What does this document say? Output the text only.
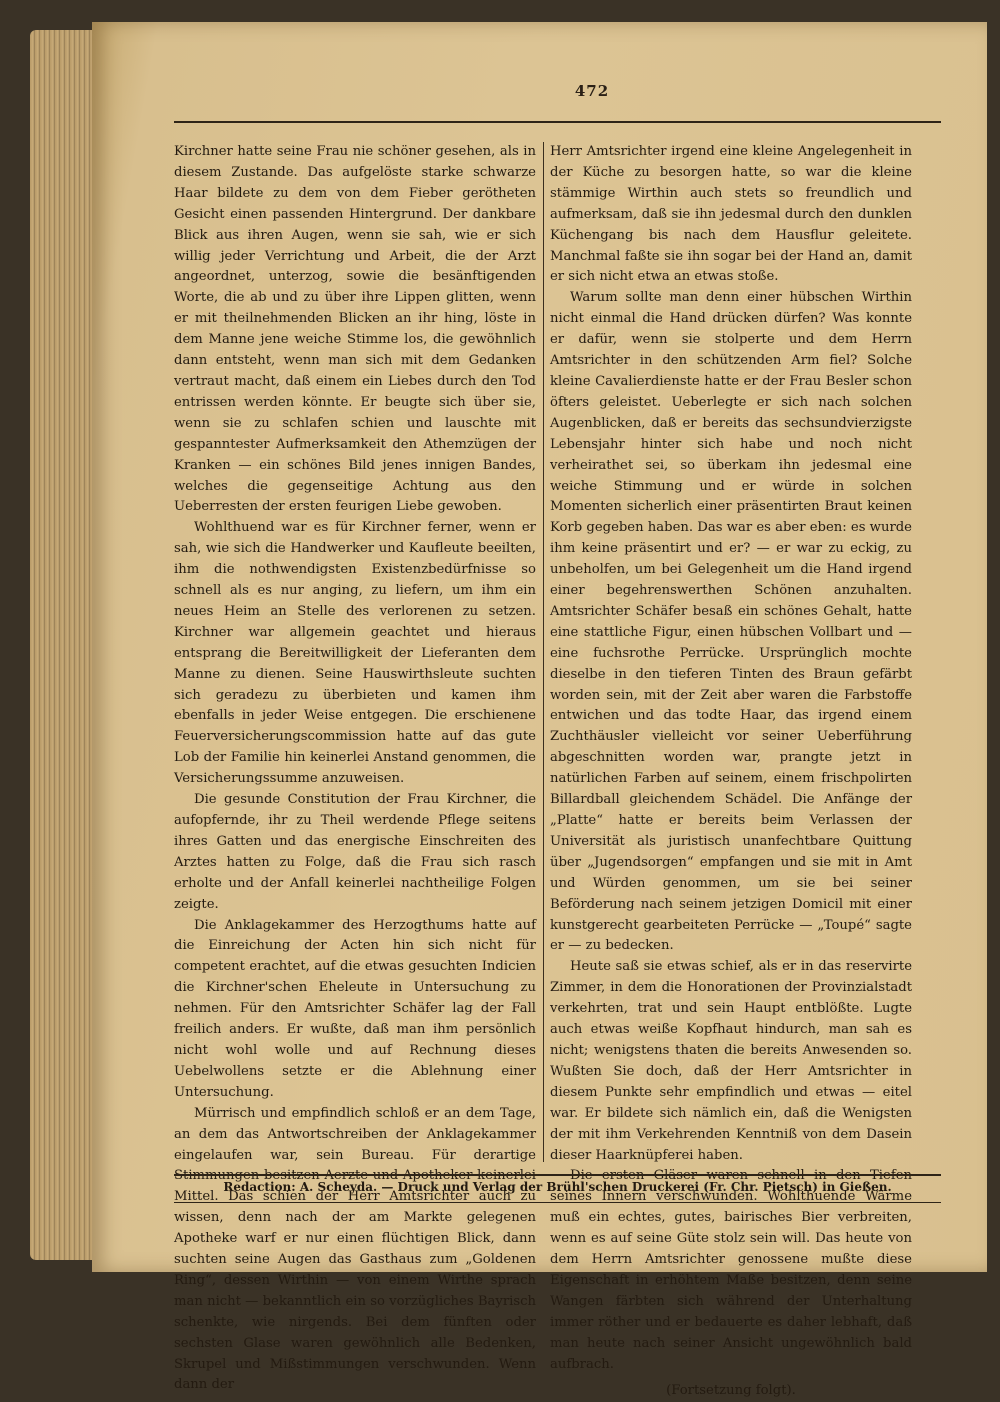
472

Kirchner hatte seine Frau nie schöner gesehen, als in diesem Zustande. Das aufgelöste starke schwarze Haar bildete zu dem von dem Fieber gerötheten Gesicht einen passenden Hintergrund. Der dankbare Blick aus ihren Augen, wenn sie sah, wie er sich willig jeder Verrichtung und Arbeit, die der Arzt angeordnet, unterzog, sowie die besänftigenden Worte, die ab und zu über ihre Lippen glitten, wenn er mit theilnehmenden Blicken an ihr hing, löste in dem Manne jene weiche Stimme los, die gewöhnlich dann entsteht, wenn man sich mit dem Gedanken vertraut macht, daß einem ein Liebes durch den Tod entrissen werden könnte. Er beugte sich über sie, wenn sie zu schlafen schien und lauschte mit gespanntester Aufmerksamkeit den Athemzügen der Kranken — ein schönes Bild jenes innigen Bandes, welches die gegenseitige Achtung aus den Ueberresten der ersten feurigen Liebe gewoben.

Wohlthuend war es für Kirchner ferner, wenn er sah, wie sich die Handwerker und Kaufleute beeilten, ihm die nothwendigsten Existenzbedürfnisse so schnell als es nur anging, zu liefern, um ihm ein neues Heim an Stelle des verlorenen zu setzen. Kirchner war allgemein geachtet und hieraus entsprang die Bereitwilligkeit der Lieferanten dem Manne zu dienen. Seine Hauswirthsleute suchten sich geradezu zu überbieten und kamen ihm ebenfalls in jeder Weise entgegen. Die erschienene Feuerversicherungscommission hatte auf das gute Lob der Familie hin keinerlei Anstand genommen, die Versicherungssumme anzuweisen.

Die gesunde Constitution der Frau Kirchner, die aufopfernde, ihr zu Theil werdende Pflege seitens ihres Gatten und das energische Einschreiten des Arztes hatten zu Folge, daß die Frau sich rasch erholte und der Anfall keinerlei nachtheilige Folgen zeigte.

Die Anklagekammer des Herzogthums hatte auf die Einreichung der Acten hin sich nicht für competent erachtet, auf die etwas gesuchten Indicien die Kirchner'schen Eheleute in Untersuchung zu nehmen. Für den Amtsrichter Schäfer lag der Fall freilich anders. Er wußte, daß man ihm persönlich nicht wohl wolle und auf Rechnung dieses Uebelwollens setzte er die Ablehnung einer Untersuchung.

Mürrisch und empfindlich schloß er an dem Tage, an dem das Antwortschreiben der Anklagekammer eingelaufen war, sein Bureau. Für derartige Stimmungen besitzen Aerzte und Apotheker keinerlei Mittel. Das schien der Herr Amtsrichter auch zu wissen, denn nach der am Markte gelegenen Apotheke warf er nur einen flüchtigen Blick, dann suchten seine Augen das Gasthaus zum „Goldenen Ring“, dessen Wirthin — von einem Wirthe sprach man nicht — bekanntlich ein so vorzügliches Bayrisch schenkte, wie nirgends. Bei dem fünften oder sechsten Glase waren gewöhnlich alle Bedenken, Skrupel und Mißstimmungen verschwunden. Wenn dann der

Herr Amtsrichter irgend eine kleine Angelegenheit in der Küche zu besorgen hatte, so war die kleine stämmige Wirthin auch stets so freundlich und aufmerksam, daß sie ihn jedesmal durch den dunklen Küchengang bis nach dem Hausflur geleitete. Manchmal faßte sie ihn sogar bei der Hand an, damit er sich nicht etwa an etwas stoße.

Warum sollte man denn einer hübschen Wirthin nicht einmal die Hand drücken dürfen? Was konnte er dafür, wenn sie stolperte und dem Herrn Amtsrichter in den schützenden Arm fiel? Solche kleine Cavalierdienste hatte er der Frau Besler schon öfters geleistet. Ueberlegte er sich nach solchen Augenblicken, daß er bereits das sechsundvierzigste Lebensjahr hinter sich habe und noch nicht verheirathet sei, so überkam ihn jedesmal eine weiche Stimmung und er würde in solchen Momenten sicherlich einer präsentirten Braut keinen Korb gegeben haben. Das war es aber eben: es wurde ihm keine präsentirt und er? — er war zu eckig, zu unbeholfen, um bei Gelegenheit um die Hand irgend einer begehrenswerthen Schönen anzuhalten. Amtsrichter Schäfer besaß ein schönes Gehalt, hatte eine stattliche Figur, einen hübschen Vollbart und — eine fuchsrothe Perrücke. Ursprünglich mochte dieselbe in den tieferen Tinten des Braun gefärbt worden sein, mit der Zeit aber waren die Farbstoffe entwichen und das todte Haar, das irgend einem Zuchthäusler vielleicht vor seiner Ueberführung abgeschnitten worden war, prangte jetzt in natürlichen Farben auf seinem, einem frischpolirten Billardball gleichendem Schädel. Die Anfänge der „Platte“ hatte er bereits beim Verlassen der Universität als juristisch unanfechtbare Quittung über „Jugendsorgen“ empfangen und sie mit in Amt und Würden genommen, um sie bei seiner Beförderung nach seinem jetzigen Domicil mit einer kunstgerecht gearbeiteten Perrücke — „Toupé“ sagte er — zu bedecken.

Heute saß sie etwas schief, als er in das reservirte Zimmer, in dem die Honorationen der Provinzialstadt verkehrten, trat und sein Haupt entblößte. Lugte auch etwas weiße Kopfhaut hindurch, man sah es nicht; wenigstens thaten die bereits Anwesenden so. Wußten Sie doch, daß der Herr Amtsrichter in diesem Punkte sehr empfindlich und etwas — eitel war. Er bildete sich nämlich ein, daß die Wenigsten der mit ihm Verkehrenden Kenntniß von dem Dasein dieser Haarknüpferei haben.

Die ersten Gläser waren schnell in den Tiefen seines Innern verschwunden. Wohlthuende Wärme muß ein echtes, gutes, bairisches Bier verbreiten, wenn es auf seine Güte stolz sein will. Das heute von dem Herrn Amtsrichter genossene mußte diese Eigenschaft in erhöhtem Maße besitzen, denn seine Wangen färbten sich während der Unterhaltung immer röther und er bedauerte es daher lebhaft, daß man heute nach seiner Ansicht ungewöhnlich bald aufbrach.

(Fortsetzung folgt).

Redaction: A. Scheyda. — Druck und Verlag der Brühl'schen Druckerei (Fr. Chr. Pietsch) in Gießen.
